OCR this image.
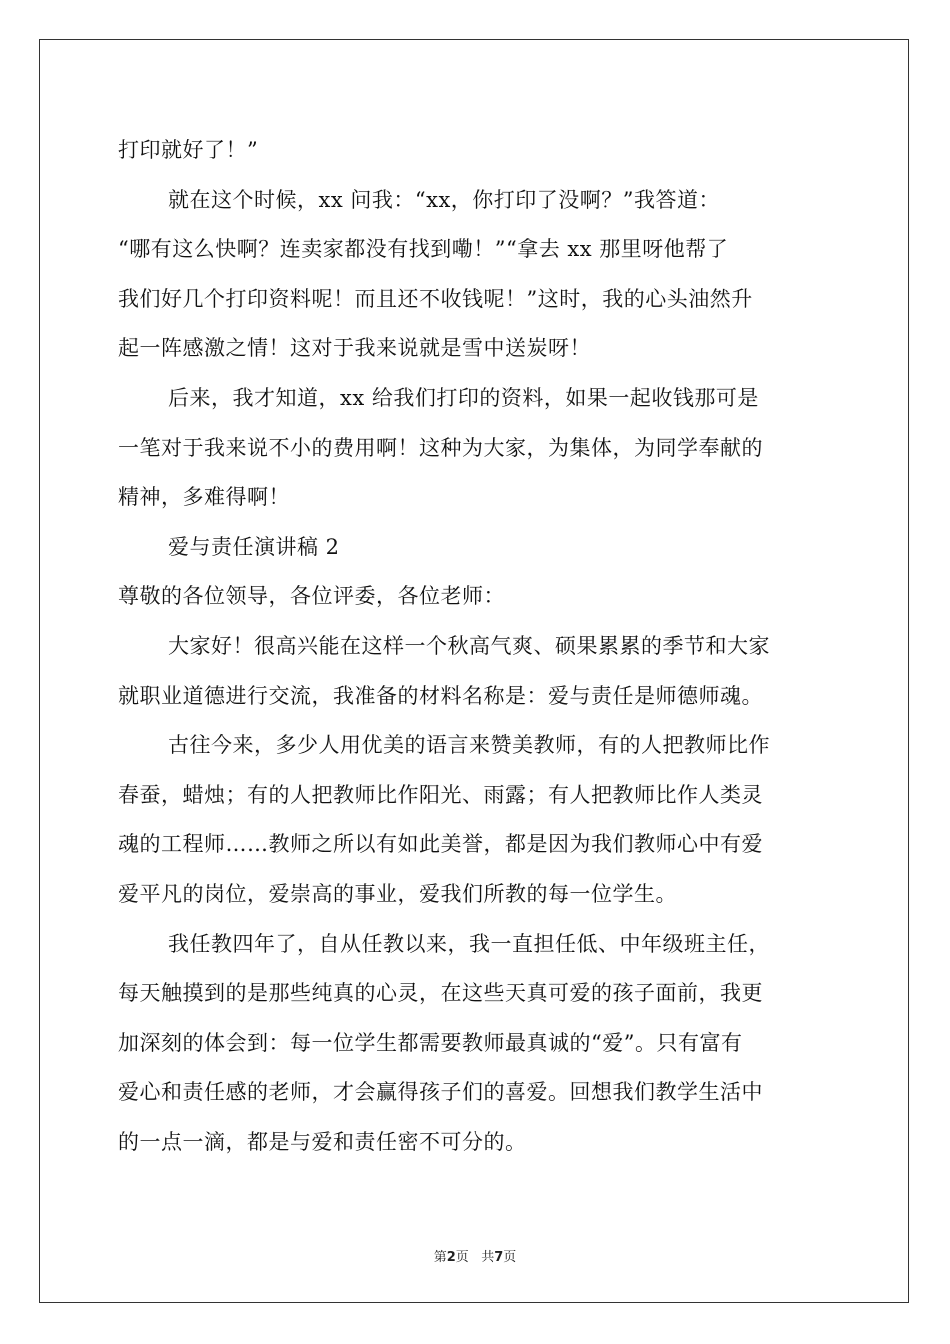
打印就好了！”

就在这个时候，xx 问我：“xx，你打印了没啊？”我答道：

“哪有这么快啊？连卖家都没有找到嘞！”“拿去 xx 那里呀他帮了

我们好几个打印资料呢！而且还不收钱呢！”这时，我的心头油然升

起一阵感激之情！这对于我来说就是雪中送炭呀！

后来，我才知道，xx 给我们打印的资料，如果一起收钱那可是

一笔对于我来说不小的费用啊！这种为大家，为集体，为同学奉献的

精神，多难得啊！

爱与责任演讲稿 2

尊敬的各位领导，各位评委，各位老师：

大家好！很高兴能在这样一个秋高气爽、硕果累累的季节和大家

就职业道德进行交流，我准备的材料名称是：爱与责任是师德师魂。

古往今来，多少人用优美的语言来赞美教师，有的人把教师比作

春蚕，蜡烛；有的人把教师比作阳光、雨露；有人把教师比作人类灵

魂的工程师……教师之所以有如此美誉，都是因为我们教师心中有爱

爱平凡的岗位，爱崇高的事业，爱我们所教的每一位学生。

我任教四年了，自从任教以来，我一直担任低、中年级班主任，

每天触摸到的是那些纯真的心灵，在这些天真可爱的孩子面前，我更

加深刻的体会到：每一位学生都需要教师最真诚的“爱”。只有富有

爱心和责任感的老师，才会赢得孩子们的喜爱。回想我们教学生活中

的一点一滴，都是与爱和责任密不可分的。

第2页 共7页
